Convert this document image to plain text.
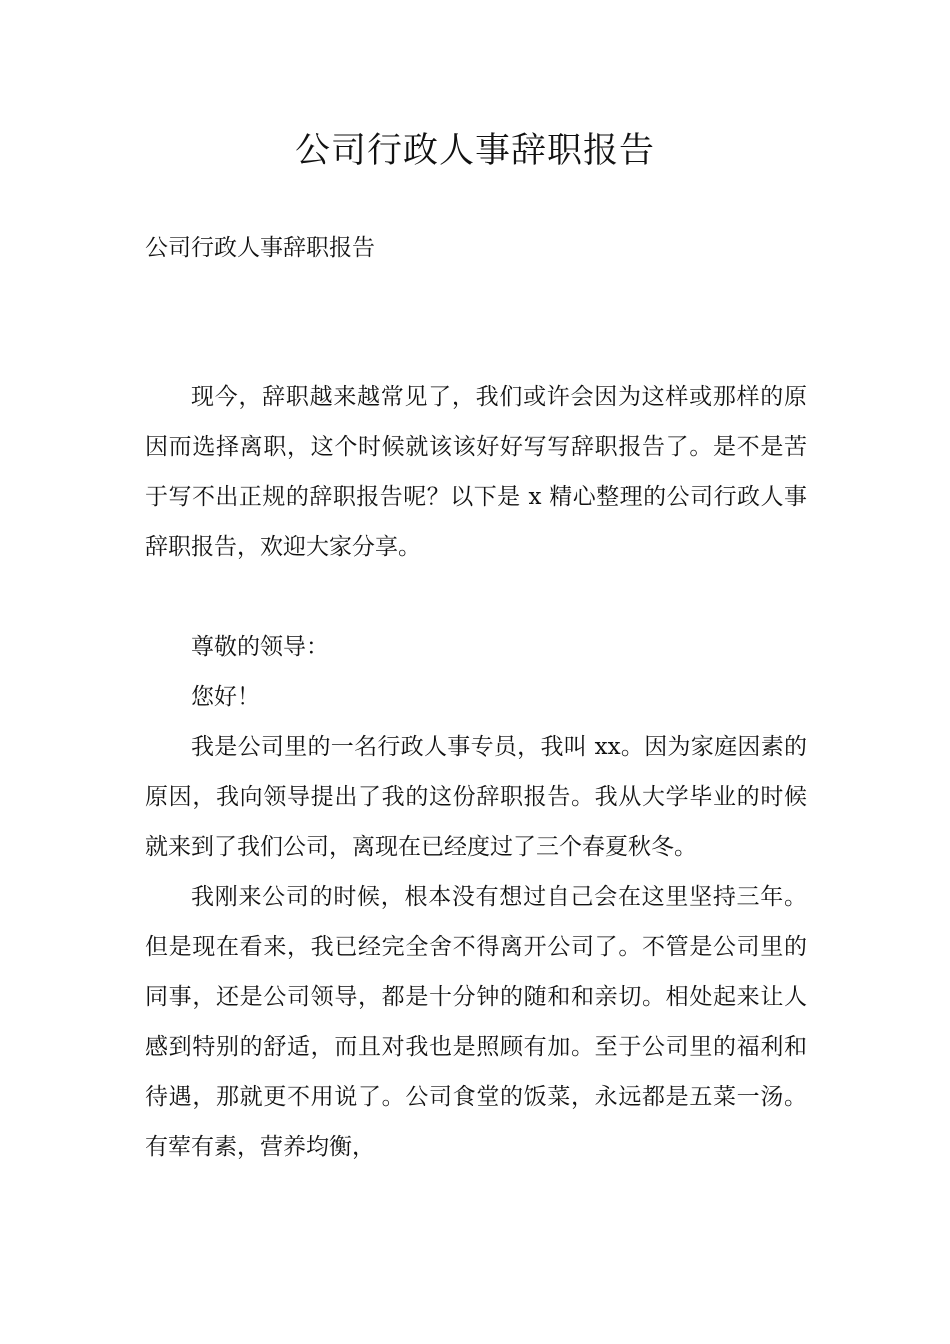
公司行政人事辞职报告
公司行政人事辞职报告

现今，辞职越来越常见了，我们或许会因为这样或那样的原因而选择离职，这个时候就该该好好写写辞职报告了。是不是苦于写不出正规的辞职报告呢？以下是 x 精心整理的公司行政人事辞职报告，欢迎大家分享。

尊敬的领导：

您好！

我是公司里的一名行政人事专员，我叫 xx。因为家庭因素的原因，我向领导提出了我的这份辞职报告。我从大学毕业的时候就来到了我们公司，离现在已经度过了三个春夏秋冬。

我刚来公司的时候，根本没有想过自己会在这里坚持三年。但是现在看来，我已经完全舍不得离开公司了。不管是公司里的同事，还是公司领导，都是十分钟的随和和亲切。相处起来让人感到特别的舒适，而且对我也是照顾有加。至于公司里的福利和待遇，那就更不用说了。公司食堂的饭菜，永远都是五菜一汤。有荤有素，营养均衡，
